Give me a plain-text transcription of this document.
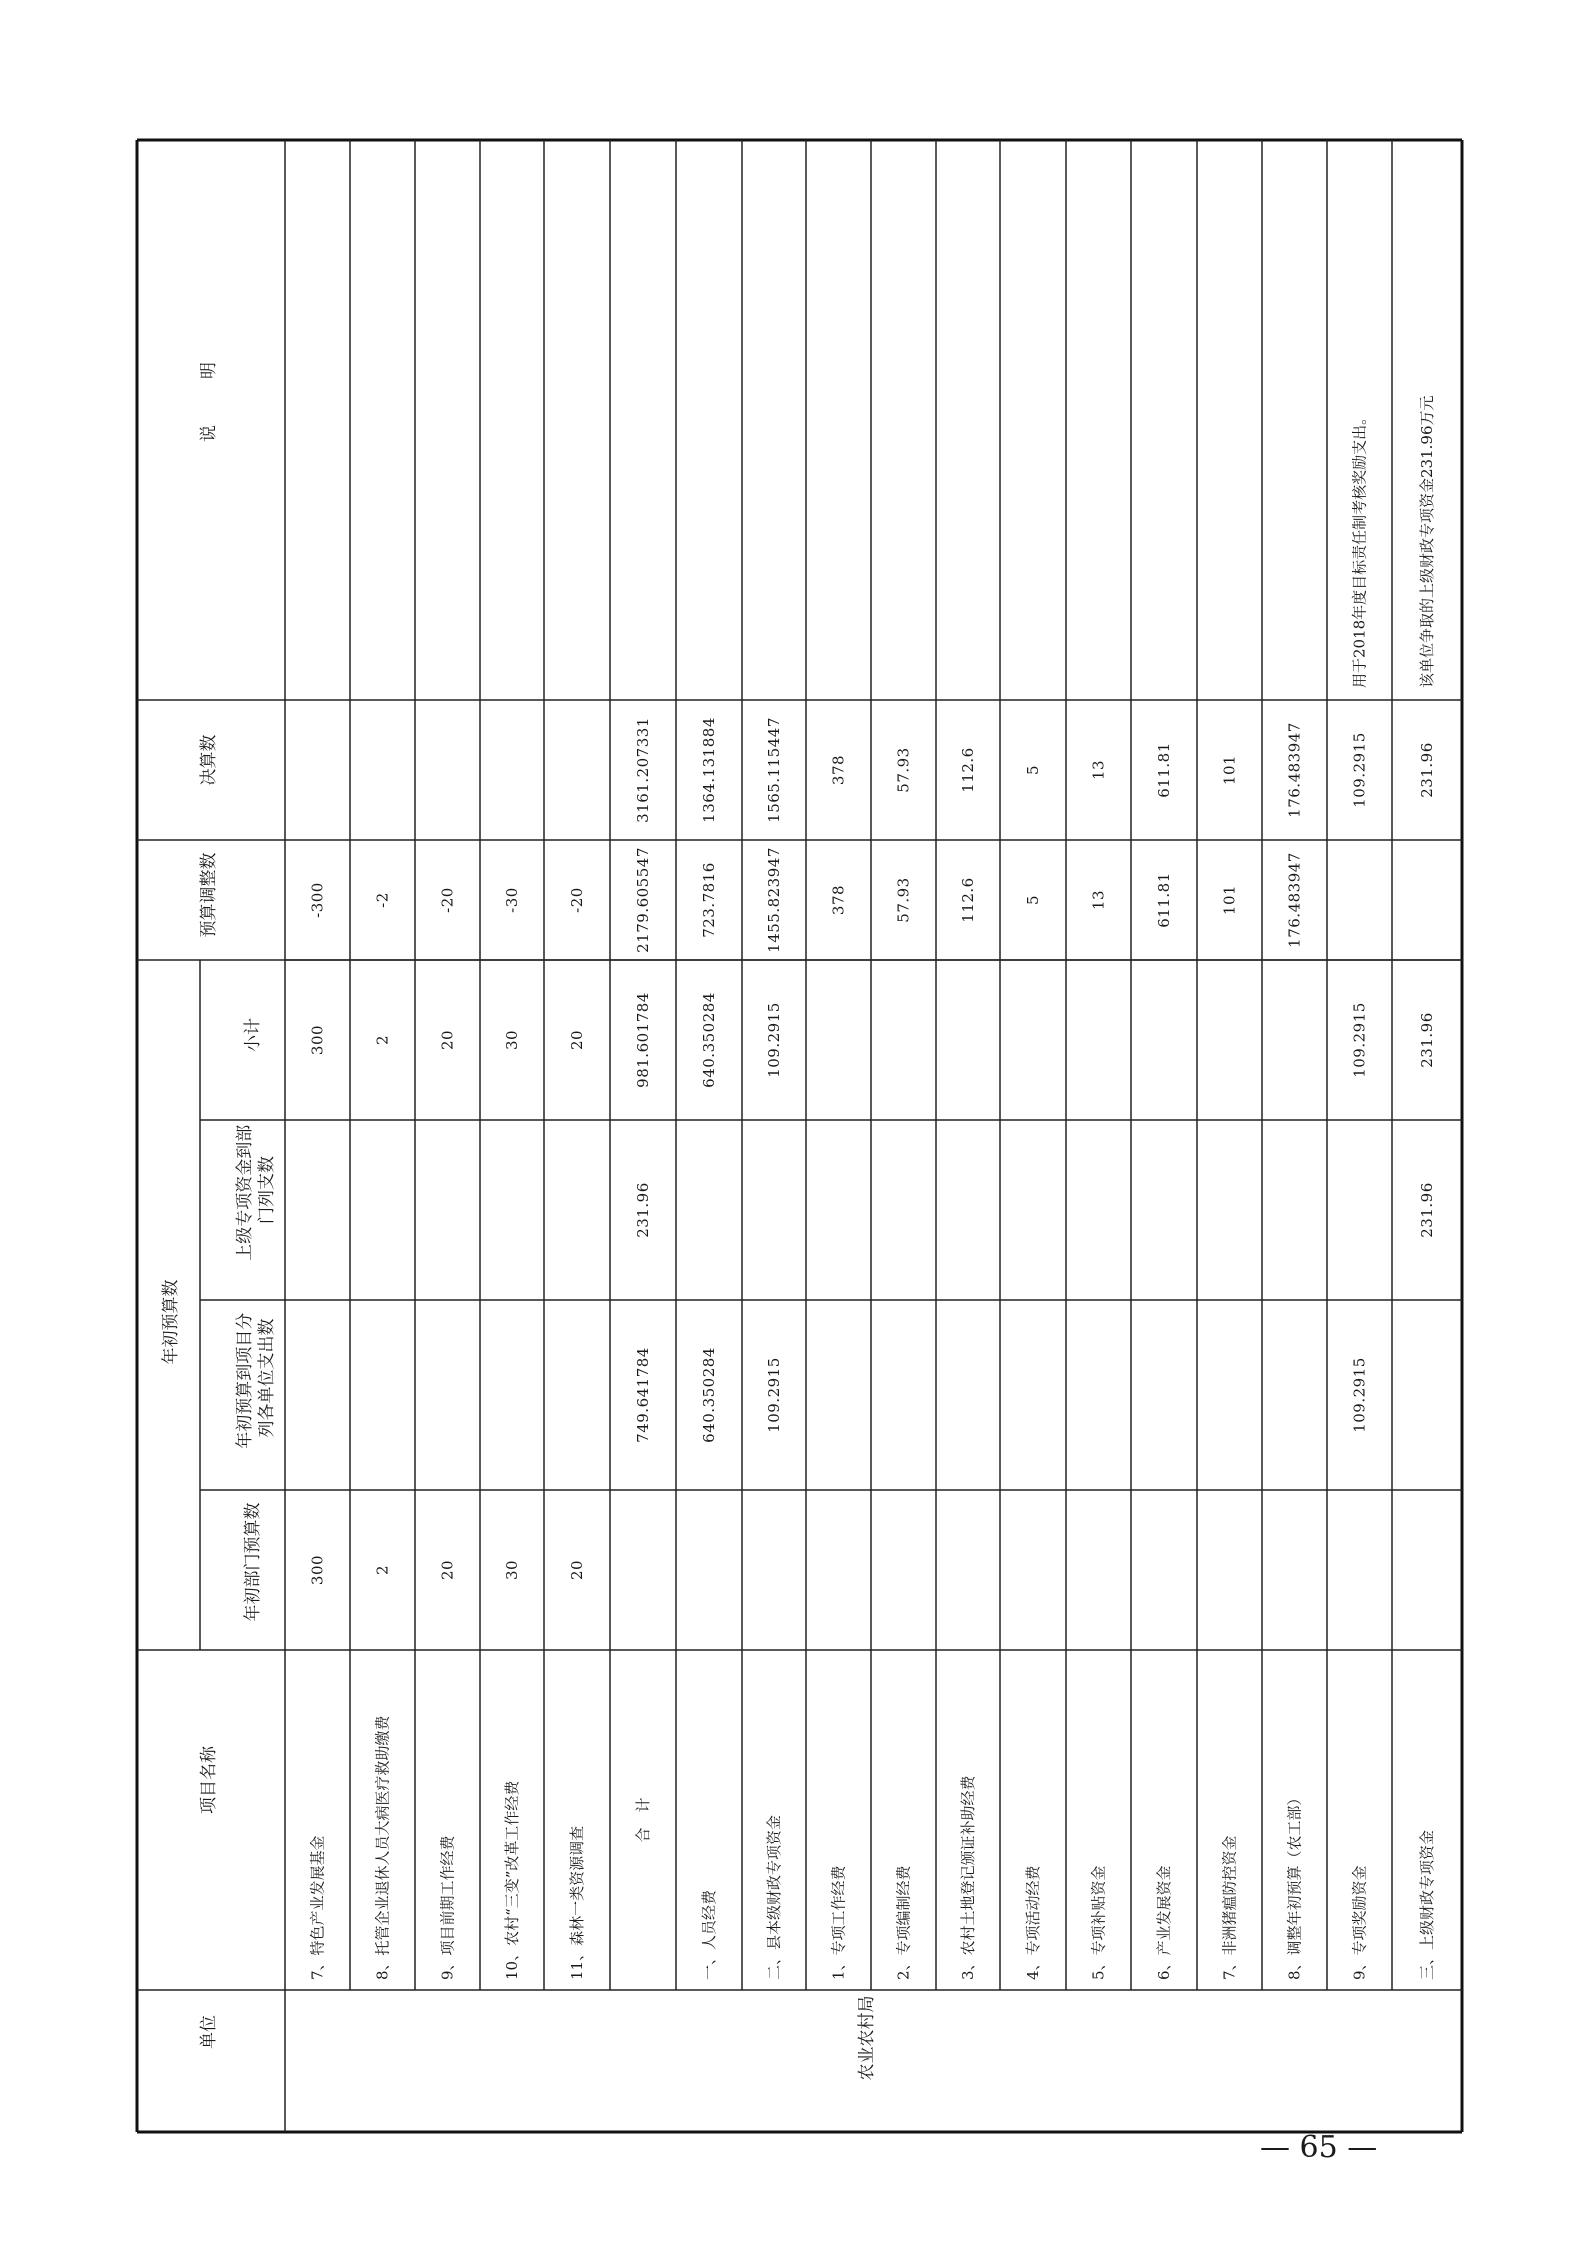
单位
项目名称
年初预算数
年初部门预算数
年初预算到项目分 列各单位支出数
上级专项资金到部 门列支数
小计
预算调整数
决算数
说　　明
农业农村局
7、特色产业发展基金
300
300
-300
8、托管企业退休人员大病医疗救助缴费
2
2
-2
9、项目前期工作经费
20
20
-20
10、农村“三变”改革工作经费
30
30
-30
11、森林一类资源调查
20
20
-20
合　计
749.641784
231.96
981.601784
2179.605547
3161.207331
一、人员经费
640.350284
640.350284
723.7816
1364.131884
二、县本级财政专项资金
109.2915
109.2915
1455.823947
1565.115447
1、专项工作经费
378
378
2、专项编制经费
57.93
57.93
3、农村土地登记颁证补助经费
112.6
112.6
4、专项活动经费
5
5
5、专项补贴资金
13
13
6、产业发展资金
611.81
611.81
7、非洲猪瘟防控资金
101
101
8、调整年初预算（农工部）
176.483947
176.483947
9、专项奖励资金
109.2915
109.2915
109.2915
用于2018年度目标责任制考核奖励支出。
三、上级财政专项资金
231.96
231.96
231.96
该单位争取的上级财政专项资金231.96万元
— 65 —
